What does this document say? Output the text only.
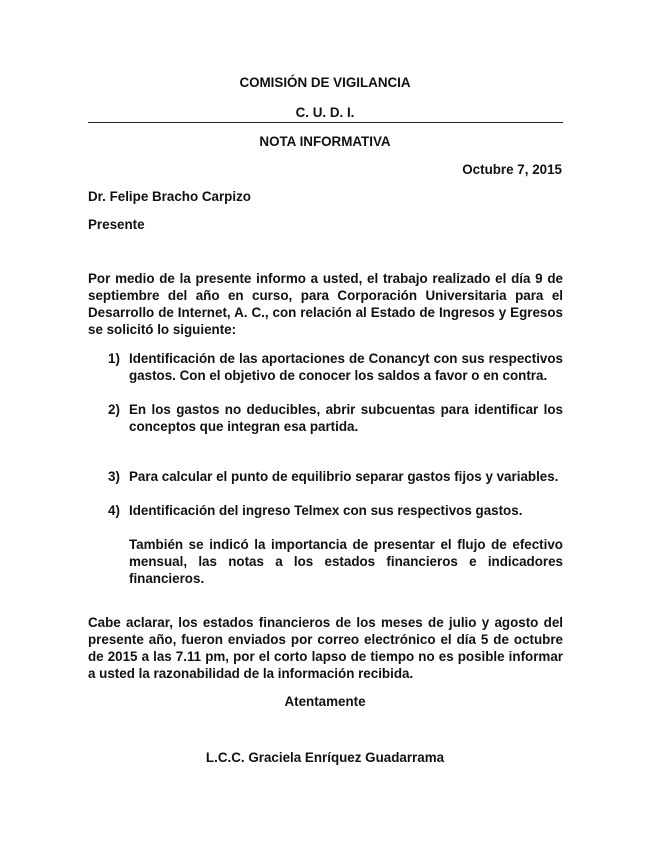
COMISIÓN DE VIGILANCIA
C. U. D. I.
NOTA INFORMATIVA
Octubre 7, 2015
Dr. Felipe Bracho Carpizo
Presente
Por medio de la presente informo a usted, el trabajo realizado el día 9 de septiembre del año en curso, para Corporación Universitaria para el Desarrollo de Internet, A. C., con relación al Estado de Ingresos y Egresos se solicitó lo siguiente:
1) Identificación de las aportaciones de Conancyt con sus respectivos gastos. Con el objetivo de conocer los saldos a favor o en contra.
2) En los gastos no deducibles, abrir subcuentas para identificar los conceptos que integran esa partida.
3) Para calcular el punto de equilibrio separar gastos fijos y variables.
4) Identificación del ingreso Telmex con sus respectivos gastos.
También se indicó la importancia de presentar el flujo de efectivo mensual, las notas a los estados financieros e indicadores financieros.
Cabe aclarar, los estados financieros de los meses de julio y agosto del presente año, fueron enviados por correo electrónico el día 5 de octubre de 2015 a las 7.11 pm, por el corto lapso de tiempo no es posible informar a usted la razonabilidad de la información recibida.
Atentamente
L.C.C. Graciela Enríquez Guadarrama
